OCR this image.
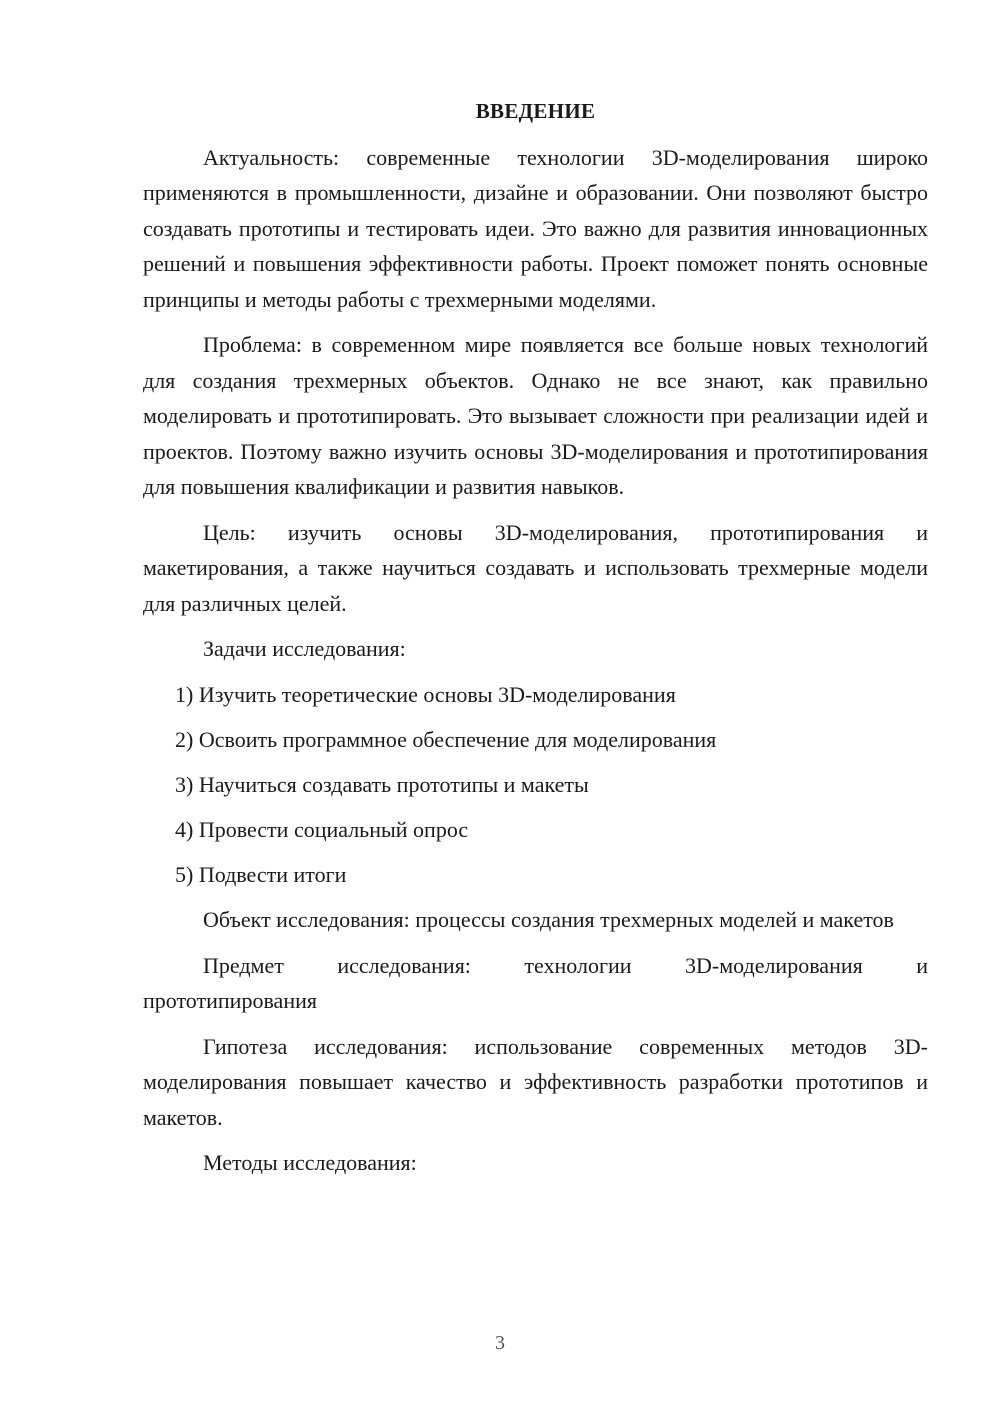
ВВЕДЕНИЕ

Актуальность: современные технологии 3D-моделирования широко применяются в промышленности, дизайне и образовании. Они позволяют быстро создавать прототипы и тестировать идеи. Это важно для развития инновационных решений и повышения эффективности работы. Проект поможет понять основные принципы и методы работы с трехмерными моделями.

Проблема: в современном мире появляется все больше новых технологий для создания трехмерных объектов. Однако не все знают, как правильно моделировать и прототипировать. Это вызывает сложности при реализации идей и проектов. Поэтому важно изучить основы 3D-моделирования и прототипирования для повышения квалификации и развития навыков.

Цель: изучить основы 3D-моделирования, прототипирования и макетирования, а также научиться создавать и использовать трехмерные модели для различных целей.

Задачи исследования:

1) Изучить теоретические основы 3D-моделирования
2) Освоить программное обеспечение для моделирования
3) Научиться создавать прототипы и макеты
4) Провести социальный опрос
5) Подвести итоги

Объект исследования: процессы создания трехмерных моделей и макетов

Предмет исследования: технологии 3D-моделирования и

прототипирования

Гипотеза исследования: использование современных методов 3D-моделирования повышает качество и эффективность разработки прототипов и макетов.

Методы исследования:

3
